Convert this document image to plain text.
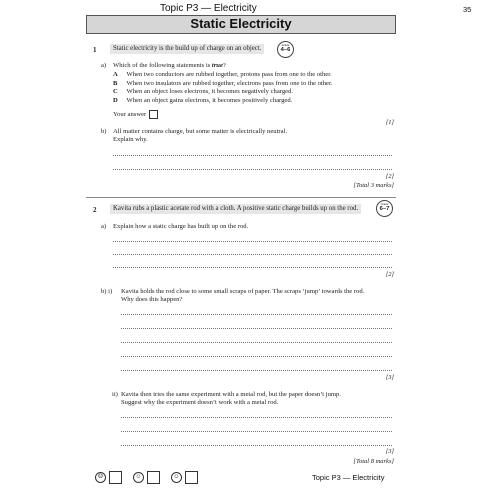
Topic P3 — Electricity	35
Static Electricity
1	Static electricity is the build up of charge on an object.	Grade
4–6
a) Which of the following statements is true?
A When two conductors are rubbed together, protons pass from one to the other.
B When two insulators are rubbed together, electrons pass from one to the other.
C When an object loses electrons, it becomes negatively charged.
D When an object gains electrons, it becomes positively charged.
Your answer
[1]
b) All matter contains charge, but some matter is electrically neutral.
Explain why.
[2]
[Total 3 marks]
2	Kavita rubs a plastic acetate rod with a cloth. A positive static charge builds up on the rod.
Grade
6–7
a) Explain how a static charge has built up on the rod.
[2]
b) i) Kavita holds the rod close to some small scraps of paper. The scraps ‘jump’ towards the rod.
Why does this happen?
[3]
ii) Kavita then tries the same experiment with a metal rod, but the paper doesn’t jump.
Suggest why the experiment doesn’t work with a metal rod.
[3]
[Total 8 marks]
☹	☺	☺	Topic P3 — Electricity
